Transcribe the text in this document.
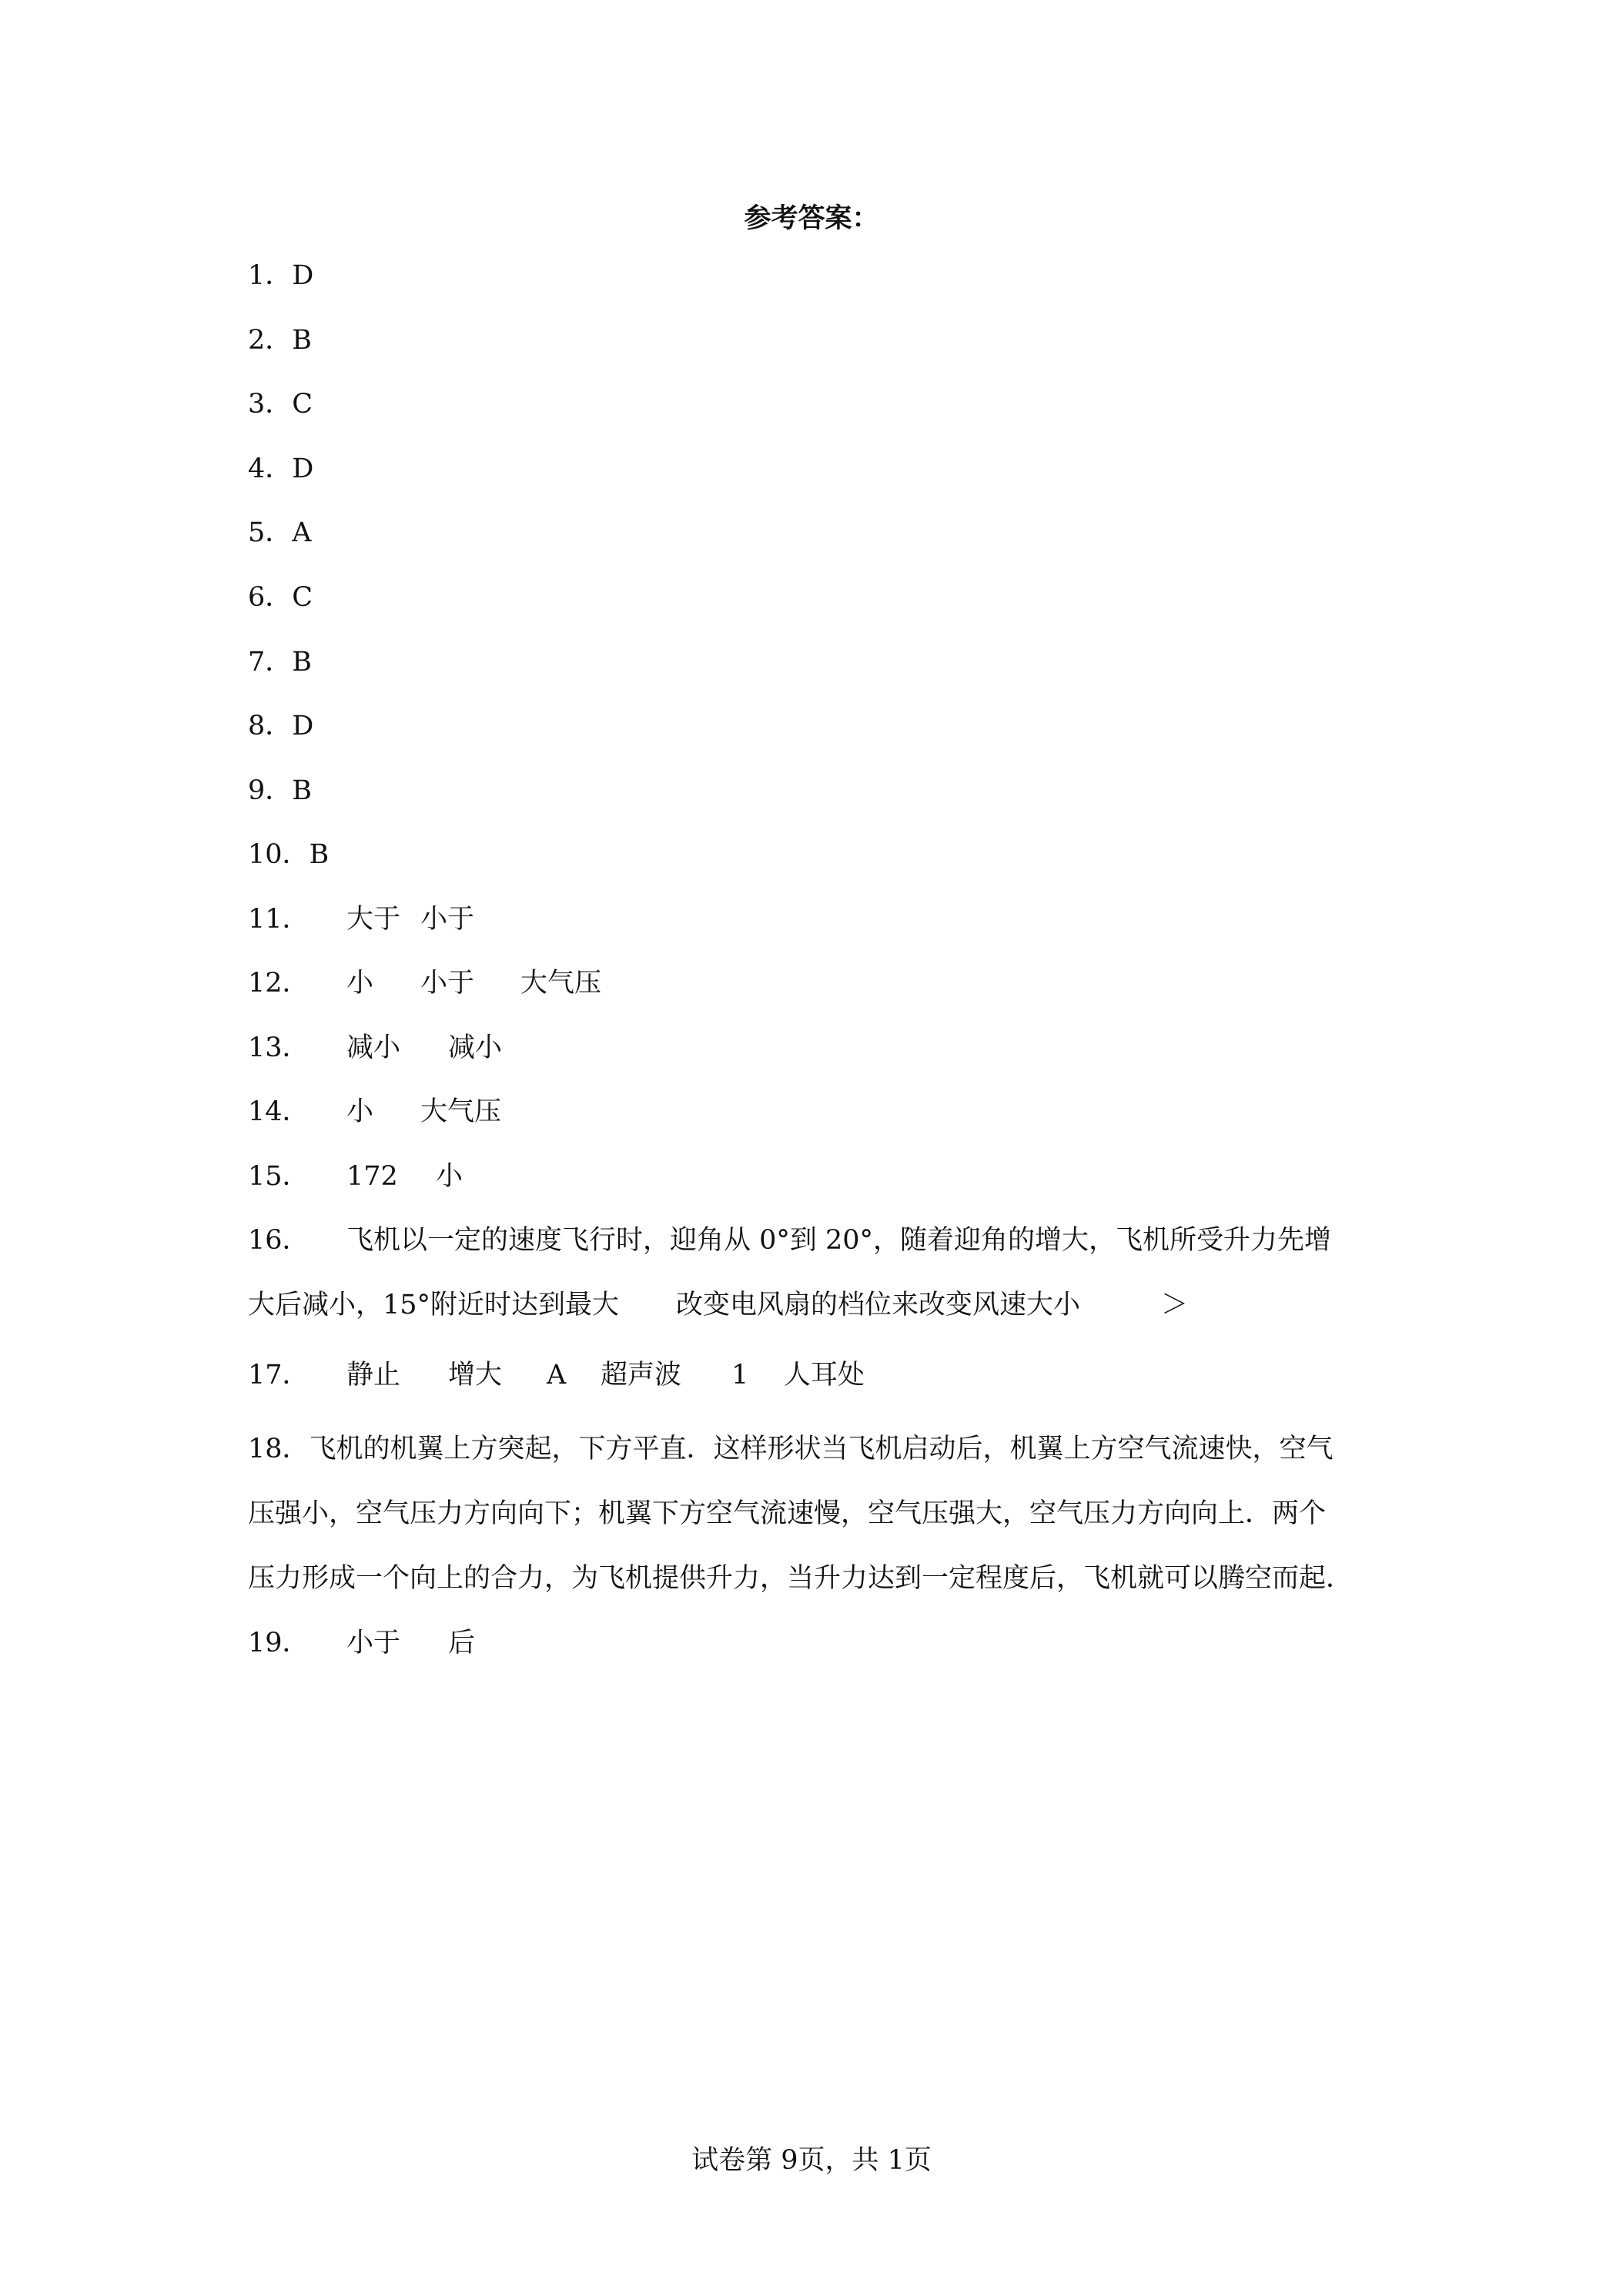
参考答案：
1．D
2．B
3．C
4．D
5．A
6．C
7．B
8．D
9．B
10．B
11． 大于 小于
12． 小 小于 大气压
13． 减小 减小
14． 小 大气压
15． 172 小
16． 飞机以一定的速度飞行时，迎角从 0°到 20°，随着迎角的增大，飞机所受升力先增
大后减小，15°附近时达到最大 改变电风扇的档位来改变风速大小	＞
17． 静止 增大 A 超声波 1 人耳处
18．飞机的机翼上方突起，下方平直．这样形状当飞机启动后，机翼上方空气流速快，空气
压强小，空气压力方向向下；机翼下方空气流速慢，空气压强大，空气压力方向向上．两个
压力形成一个向上的合力，为飞机提供升力，当升力达到一定程度后，飞机就可以腾空而起．
19． 小于 后
试卷第 9页，共 1页
